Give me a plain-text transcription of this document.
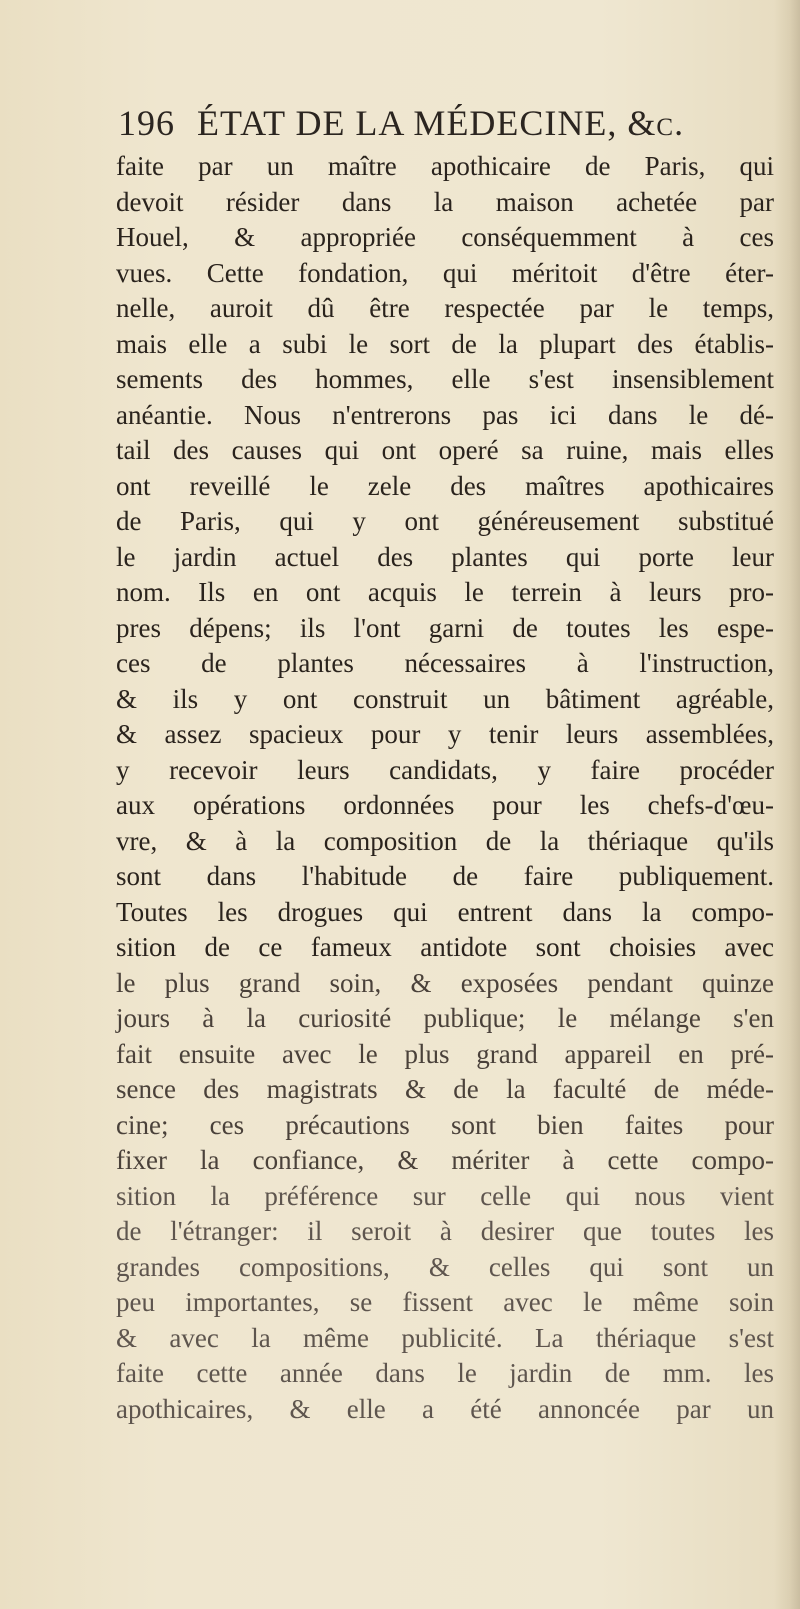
196 ÉTAT DE LA MÉDECINE, &c.
faite par un maître apothicaire de Paris, qui
devoit résider dans la maison achetée par
Houel, & appropriée conséquemment à ces
vues. Cette fondation, qui méritoit d'être éter-
nelle, auroit dû être respectée par le temps,
mais elle a subi le sort de la plupart des établis-
sements des hommes, elle s'est insensiblement
anéantie. Nous n'entrerons pas ici dans le dé-
tail des causes qui ont operé sa ruine, mais elles
ont reveillé le zele des maîtres apothicaires
de Paris, qui y ont généreusement substitué
le jardin actuel des plantes qui porte leur
nom. Ils en ont acquis le terrein à leurs pro-
pres dépens; ils l'ont garni de toutes les espe-
ces de plantes nécessaires à l'instruction,
& ils y ont construit un bâtiment agréable,
& assez spacieux pour y tenir leurs assemblées,
y recevoir leurs candidats, y faire procéder
aux opérations ordonnées pour les chefs-d'œu-
vre, & à la composition de la thériaque qu'ils
sont dans l'habitude de faire publiquement.
Toutes les drogues qui entrent dans la compo-
sition de ce fameux antidote sont choisies avec
le plus grand soin, & exposées pendant quinze
jours à la curiosité publique; le mélange s'en
fait ensuite avec le plus grand appareil en pré-
sence des magistrats & de la faculté de méde-
cine; ces précautions sont bien faites pour
fixer la confiance, & mériter à cette compo-
sition la préférence sur celle qui nous vient
de l'étranger: il seroit à desirer que toutes les
grandes compositions, & celles qui sont un
peu importantes, se fissent avec le même soin
& avec la même publicité. La thériaque s'est
faite cette année dans le jardin de mm. les
apothicaires, & elle a été annoncée par un
